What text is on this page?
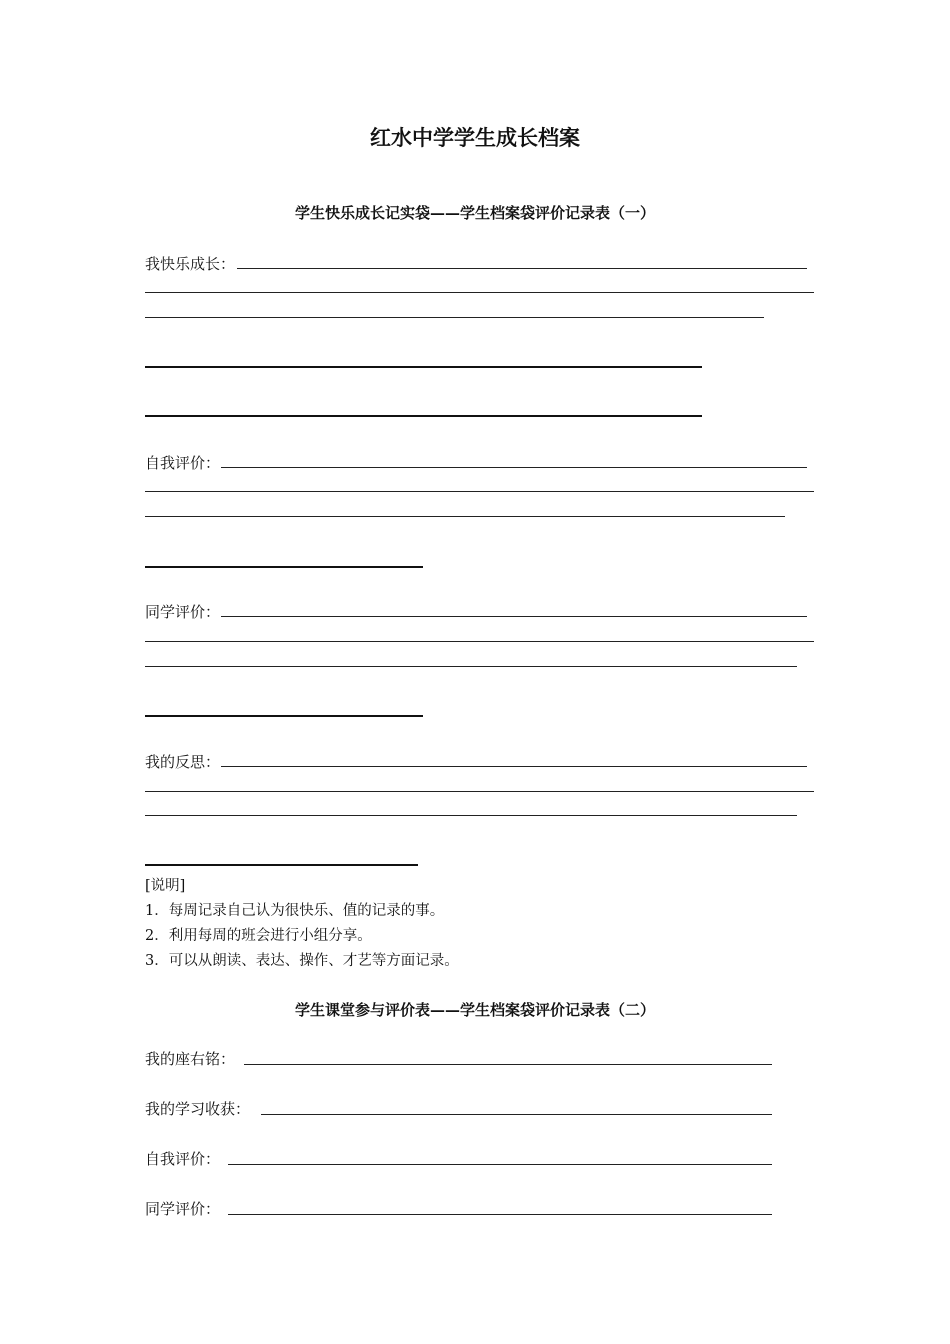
红水中学学生成长档案
学生快乐成长记实袋——学生档案袋评价记录表（一）
我快乐成长：
自我评价：
同学评价：
我的反思：
[说明]
1．每周记录自己认为很快乐、值的记录的事。
2．利用每周的班会进行小组分享。
3．可以从朗读、表达、操作、才艺等方面记录。
学生课堂参与评价表——学生档案袋评价记录表（二）
我的座右铭：
我的学习收获：
自我评价：
同学评价：
